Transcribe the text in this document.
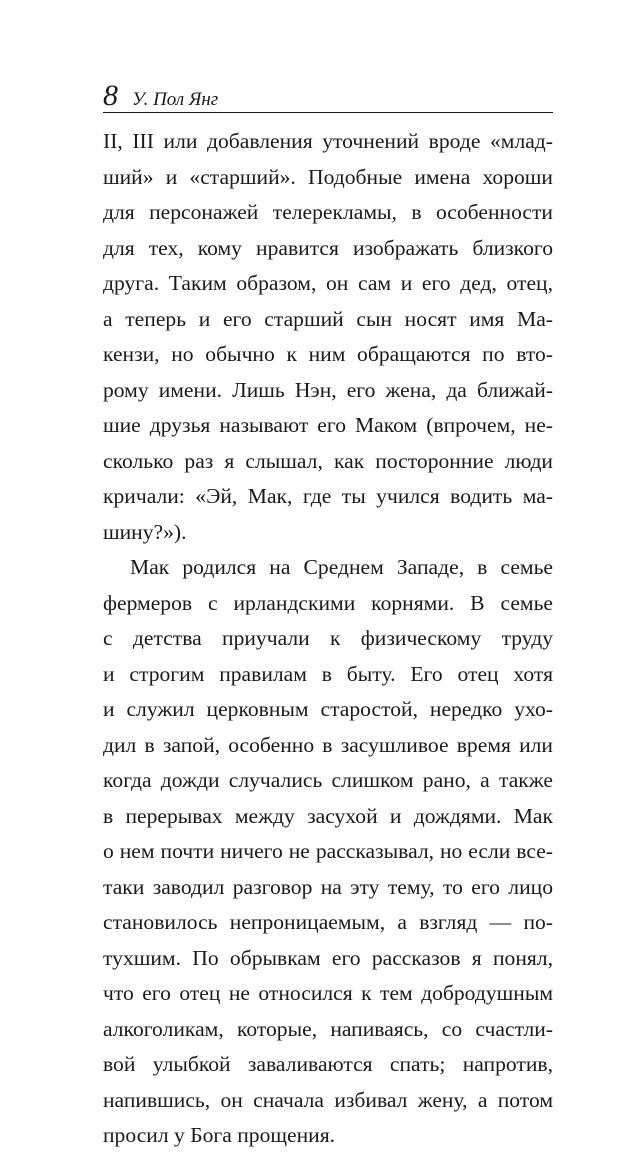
8 У. Пол Янг
II, III или добавления уточнений вроде «млад-
ший» и «старший». Подобные имена хороши
для персонажей телерекламы, в особенности
для тех, кому нравится изображать близкого
друга. Таким образом, он сам и его дед, отец,
а теперь и его старший сын носят имя Ма-
кензи, но обычно к ним обращаются по вто-
рому имени. Лишь Нэн, его жена, да ближай-
шие друзья называют его Маком (впрочем, не-
сколько раз я слышал, как посторонние люди
кричали: «Эй, Мак, где ты учился водить ма-
шину?»).
Мак родился на Среднем Западе, в семье
фермеров с ирландскими корнями. В семье
с детства приучали к физическому труду
и строгим правилам в быту. Его отец хотя
и служил церковным старостой, нередко ухо-
дил в запой, особенно в засушливое время или
когда дожди случались слишком рано, а также
в перерывах между засухой и дождями. Мак
о нем почти ничего не рассказывал, но если все-
таки заводил разговор на эту тему, то его лицо
становилось непроницаемым, а взгляд — по-
тухшим. По обрывкам его рассказов я понял,
что его отец не относился к тем добродушным
алкоголикам, которые, напиваясь, со счастли-
вой улыбкой заваливаются спать; напротив,
напившись, он сначала избивал жену, а потом
просил у Бога прощения.
